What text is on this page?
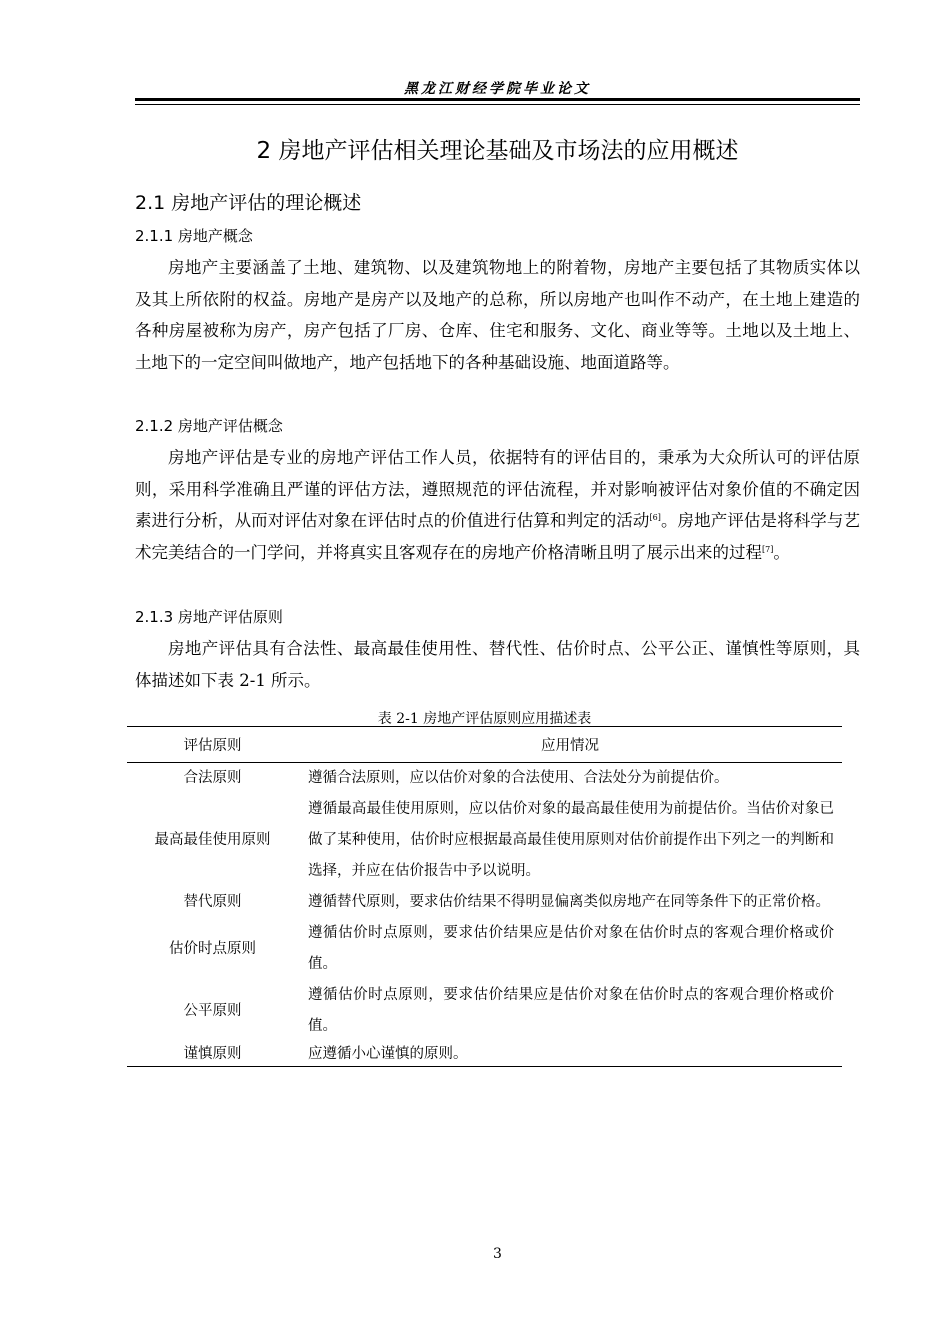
黑龙江财经学院毕业论文
2 房地产评估相关理论基础及市场法的应用概述
2.1 房地产评估的理论概述
2.1.1 房地产概念

房地产主要涵盖了土地、建筑物、以及建筑物地上的附着物，房地产主要包括了其物质实体以及其上所依附的权益。房地产是房产以及地产的总称，所以房地产也叫作不动产，在土地上建造的各种房屋被称为房产，房产包括了厂房、仓库、住宅和服务、文化、商业等等。土地以及土地上、土地下的一定空间叫做地产，地产包括地下的各种基础设施、地面道路等。

2.1.2 房地产评估概念

房地产评估是专业的房地产评估工作人员，依据特有的评估目的，秉承为大众所认可的评估原则，采用科学准确且严谨的评估方法，遵照规范的评估流程，并对影响被评估对象价值的不确定因素进行分析，从而对评估对象在评估时点的价值进行估算和判定的活动[6]。房地产评估是将科学与艺术完美结合的一门学问，并将真实且客观存在的房地产价格清晰且明了展示出来的过程[7]。

2.1.3 房地产评估原则

房地产评估具有合法性、最高最佳使用性、替代性、估价时点、公平公正、谨慎性等原则，具体描述如下表 2-1 所示。

表 2-1 房地产评估原则应用描述表
评估原则	应用情况
合法原则	遵循合法原则，应以估价对象的合法使用、合法处分为前提估价。
最高最佳使用原则	遵循最高最佳使用原则，应以估价对象的最高最佳使用为前提估价。当估价对象已做了某种使用，估价时应根据最高最佳使用原则对估价前提作出下列之一的判断和选择，并应在估价报告中予以说明。
替代原则	遵循替代原则，要求估价结果不得明显偏离类似房地产在同等条件下的正常价格。
估价时点原则	遵循估价时点原则，要求估价结果应是估价对象在估价时点的客观合理价格或价值。
公平原则	遵循估价时点原则，要求估价结果应是估价对象在估价时点的客观合理价格或价值。
谨慎原则	应遵循小心谨慎的原则。
3
